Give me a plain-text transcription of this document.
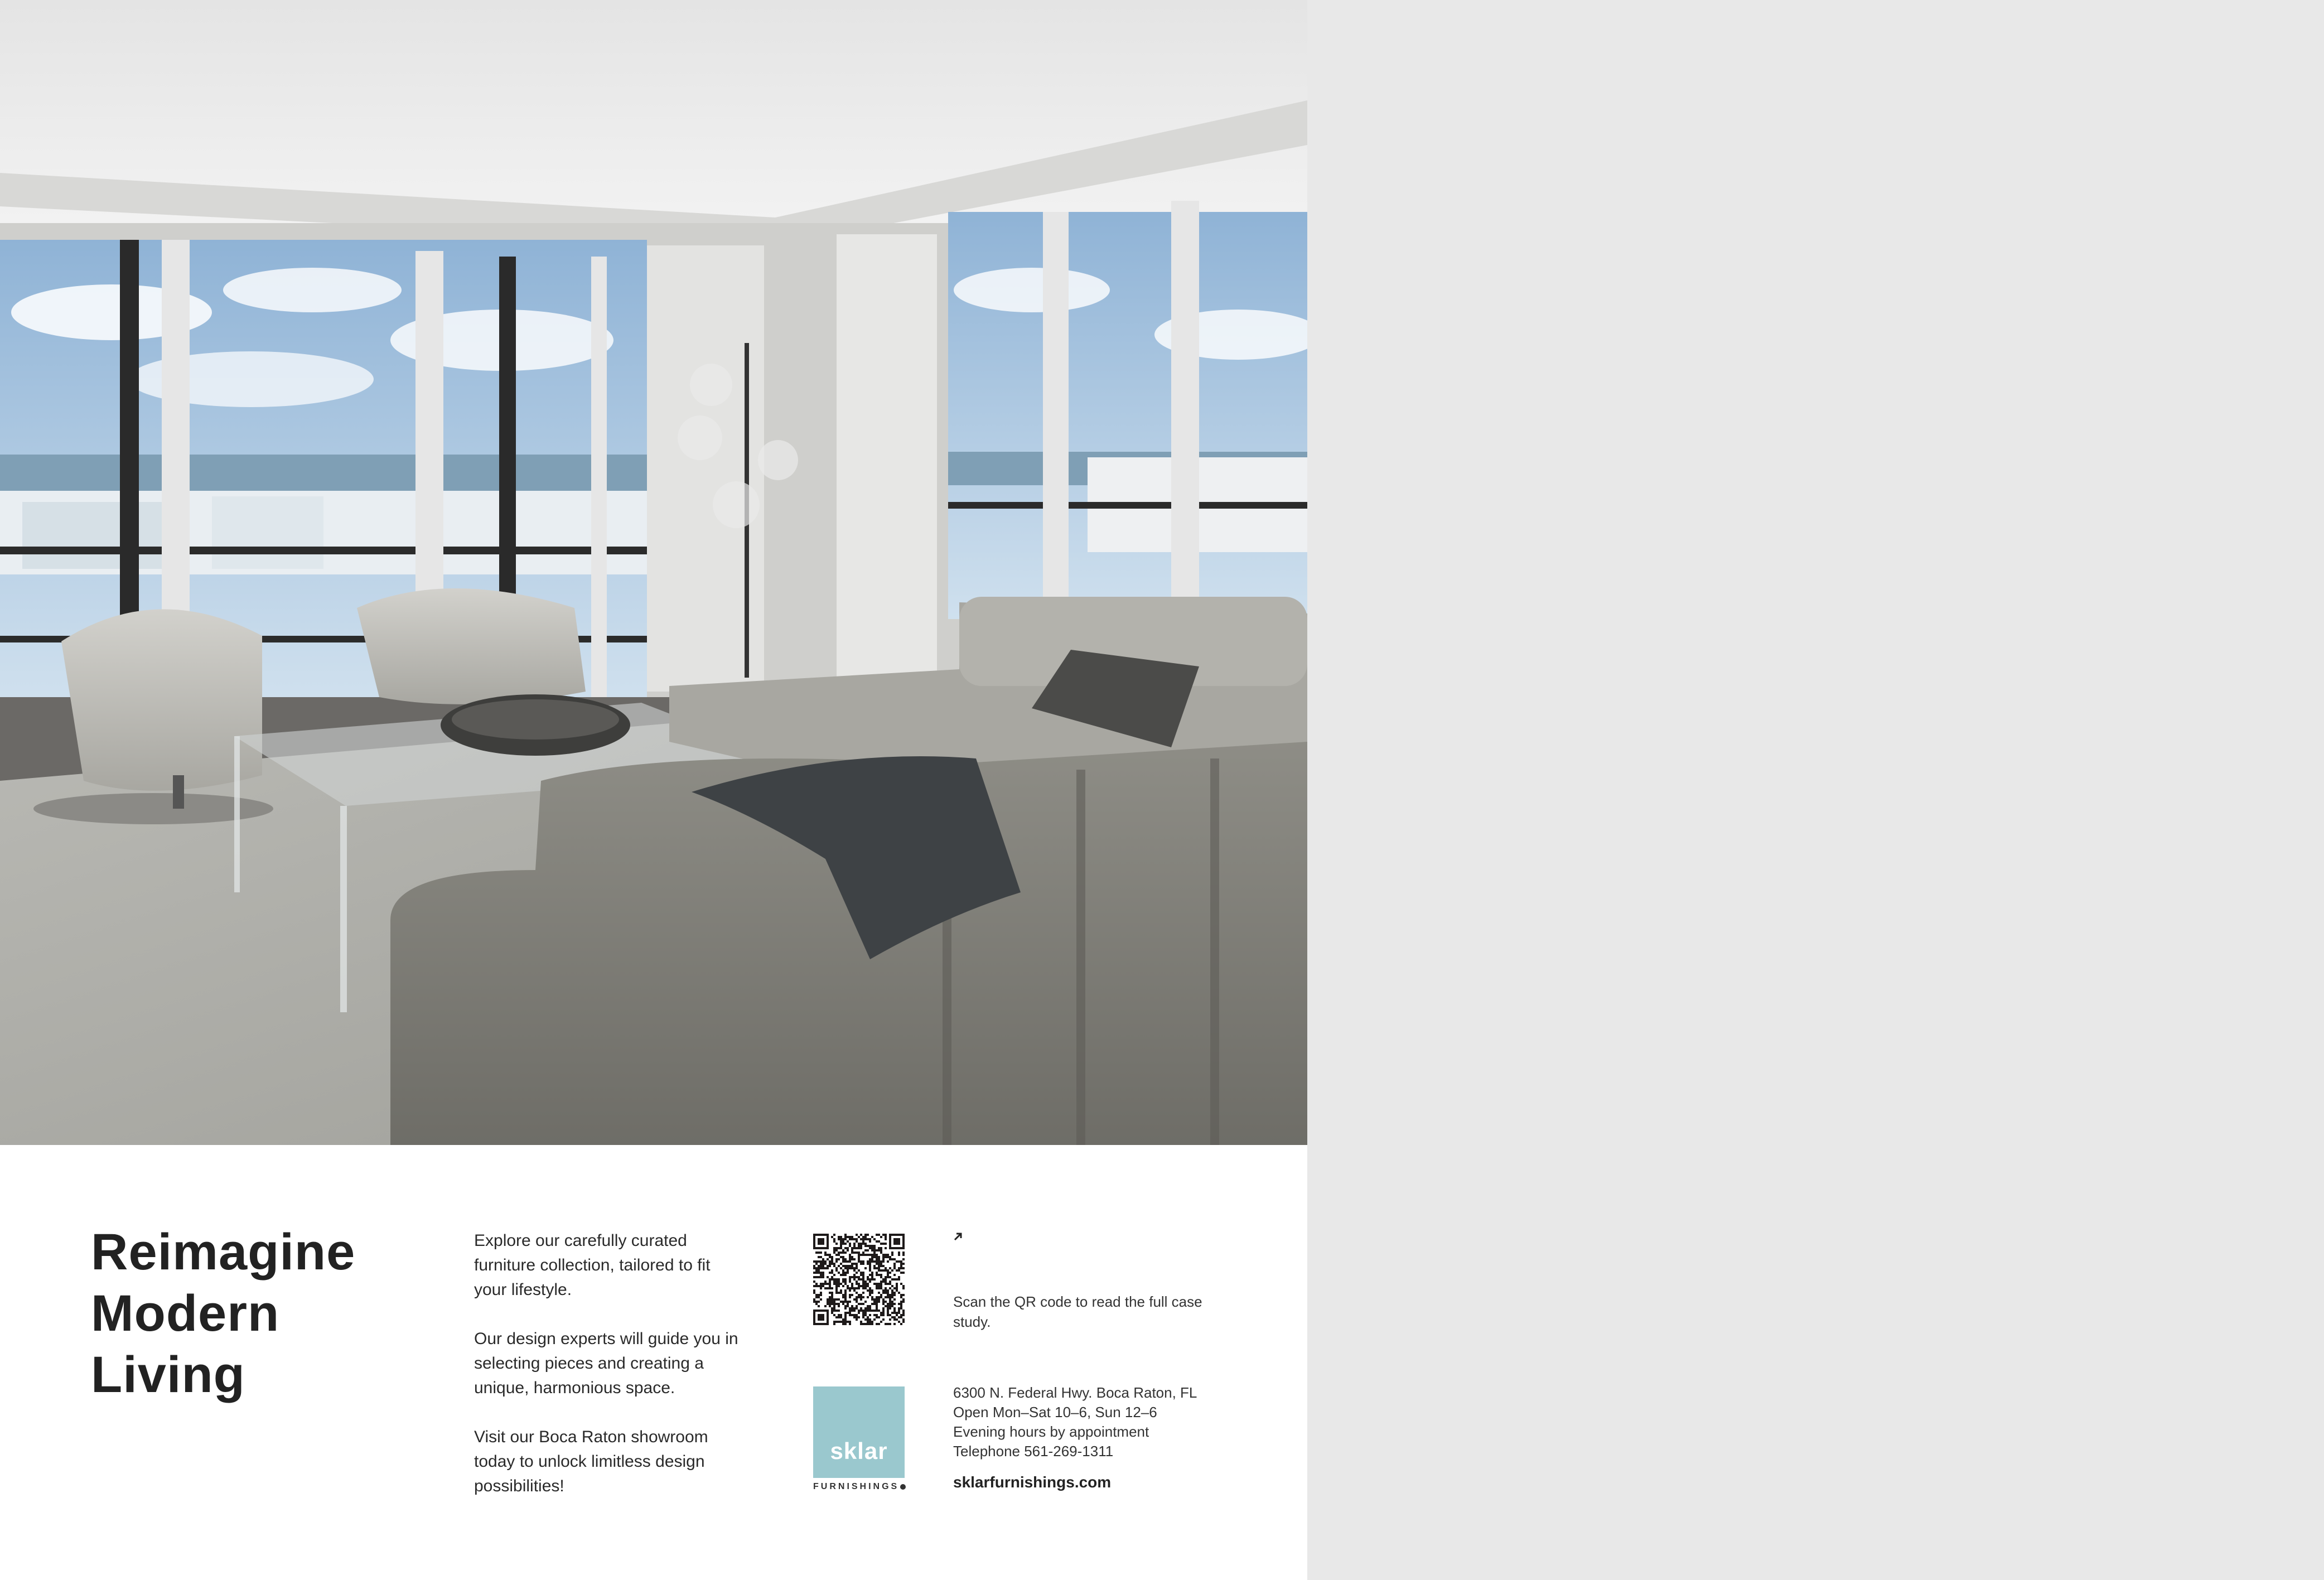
Reimagine
Modern
Living

Explore our carefully curated furniture collection, tailored to fit your lifestyle.

Our design experts will guide you in selecting pieces and creating a unique, harmonious space.

Visit our Boca Raton showroom today to unlock limitless design possibilities!

Scan the QR code to read the full case study.
sklar
FURNISHINGS
6300 N. Federal Hwy. Boca Raton, FL
Open Mon–Sat 10–6, Sun 12–6
Evening hours by appointment
Telephone 561-269-1311
sklarfurnishings.com
